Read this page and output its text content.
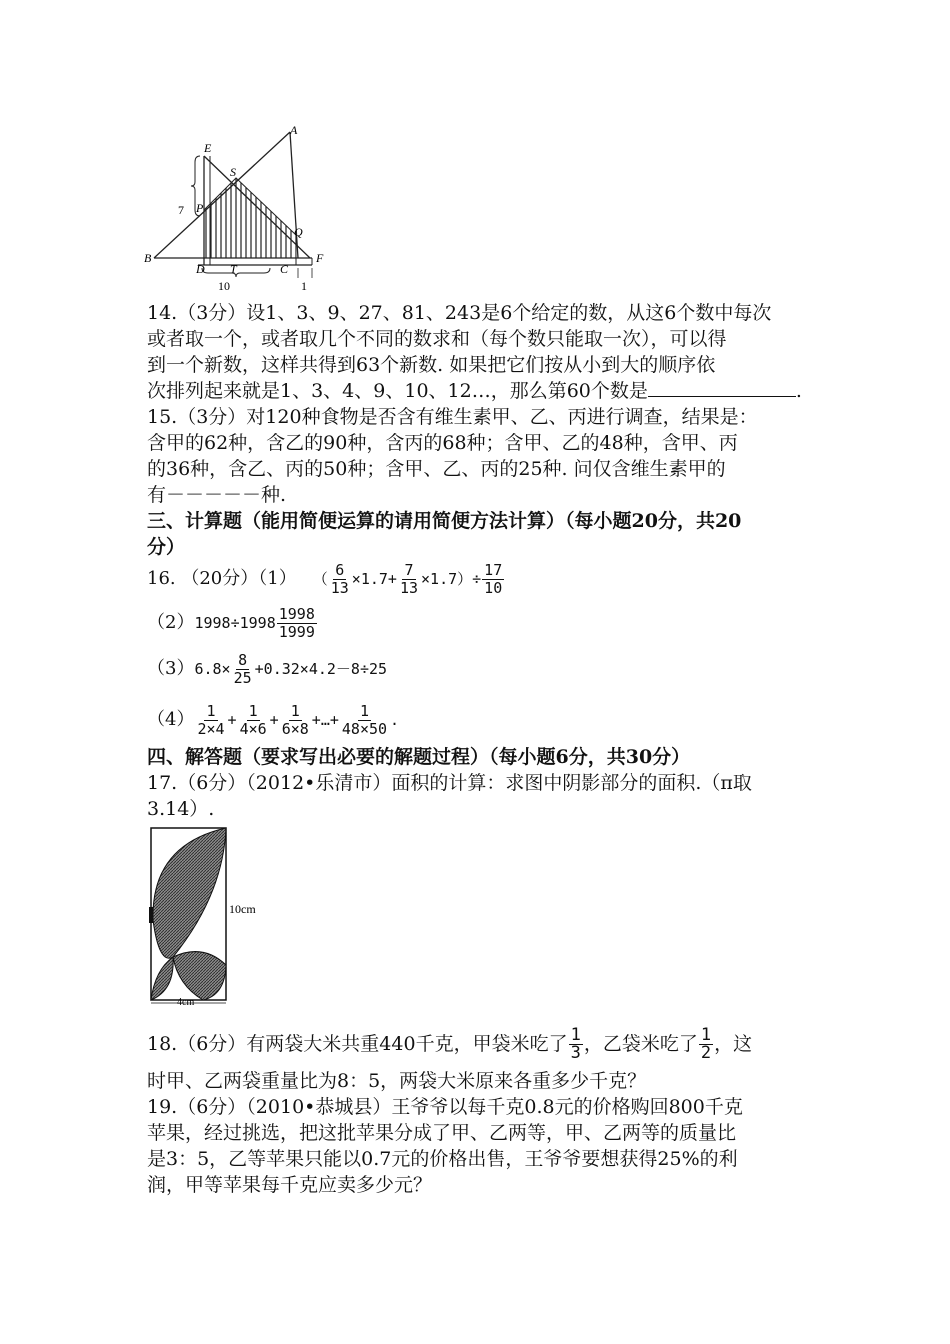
A
E
S
P
Q
B
D T	C
F
7
10	1
14.（3分）设1、3、9、27、81、243是6个给定的数，从这6个数中每次
或者取一个，或者取几个不同的数求和（每个数只能取一次），可以得
到一个新数，这样共得到63个新数. 如果把它们按从小到大的顺序依
次排列起来就是1、3、4、9、10、12…，那么第60个数是	.
15.（3分）对120种食物是否含有维生素甲、乙、丙进行调查，结果是：
含甲的62种，含乙的90种，含丙的68种；含甲、乙的48种，含甲、丙
的36种，含乙、丙的50种；含甲、乙、丙的25种. 问仅含维生素甲的
有－－－－－种.
三、计算题（能用简便运算的请用简便方法计算）（每小题20分，共20
分）
16. （20分）（1） （ $\frac{6}{13} \times 1.7+ \frac{7}{13} \times 1.7)\div \frac{17}{10}$
（2） $1998\div 1998 \frac{1998}{1999}$
（3） $6.8\times \frac{8}{25} +0.32\times 4.2-8\div 25$
$(4) \frac{1}{2\times 4} + \frac{1}{4\times 6} + \frac{1}{6\times 8}$ +…+ $\frac{1}{48\times 50}$ .
四、解答题（要求写出必要的解题过程）（每小题6分，共30分）
17.（6分）（2012•乐清市）面积的计算：求图中阴影部分的面积.（π取
3.14）.
10cm
4cm
18.（6分）有两袋大米共重440千克，甲袋米吃了 $\frac{1}{3}$ ，乙袋米吃了 $\frac{1}{2}$ ，这
时甲、乙两袋重量比为8：5，两袋大米原来各重多少千克？
19.（6分）（2010•恭城县）王爷爷以每千克0.8元的价格购回800千克
苹果，经过挑选，把这批苹果分成了甲、乙两等，甲、乙两等的质量比
是3：5，乙等苹果只能以0.7元的价格出售，王爷爷要想获得25%的利
润，甲等苹果每千克应卖多少元？
